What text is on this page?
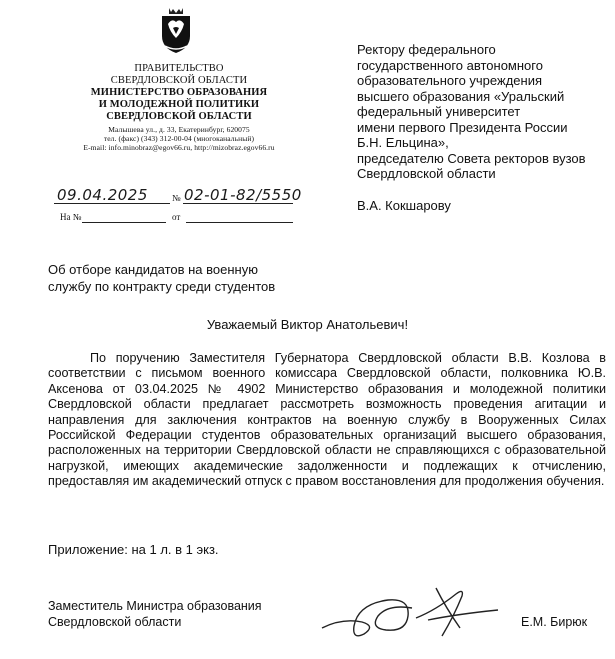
ПРАВИТЕЛЬСТВО
СВЕРДЛОВСКОЙ ОБЛАСТИ
МИНИСТЕРСТВО ОБРАЗОВАНИЯ
И МОЛОДЕЖНОЙ ПОЛИТИКИ
СВЕРДЛОВСКОЙ ОБЛАСТИ
Малышева ул., д. 33, Екатеринбург, 620075
тел. (факс) (343) 312-00-04 (многоканальный)
E-mail: info.minobraz@egov66.ru, http://mizobraz.egov66.ru
09.04.2025	№ 02-01-82/5550
На №	от
Ректору федерального
государственного автономного
образовательного учреждения
высшего образования «Уральский
федеральный университет
имени первого Президента России
Б.Н. Ельцина»,
председателю Совета ректоров вузов
Свердловской области
В.А. Кокшарову
Об отборе кандидатов на военную
службу по контракту среди студентов
Уважаемый Виктор Анатольевич!
По поручению Заместителя Губернатора Свердловской области В.В. Козлова в соответствии с письмом военного комиссара Свердловской области, полковника Ю.В. Аксенова от 03.04.2025 № 4902 Министерство образования и молодежной политики Свердловской области предлагает рассмотреть возможность проведения агитации и направления для заключения контрактов на военную службу в Вооруженных Силах Российской Федерации студентов образовательных организаций высшего образования, расположенных на территории Свердловской области не справляющихся с образовательной нагрузкой, имеющих академические задолженности и подлежащих к отчислению, предоставляя им академический отпуск с правом восстановления для продолжения обучения.
Приложение: на 1 л. в 1 экз.
Заместитель Министра образования
Свердловской области	Е.М. Бирюк
